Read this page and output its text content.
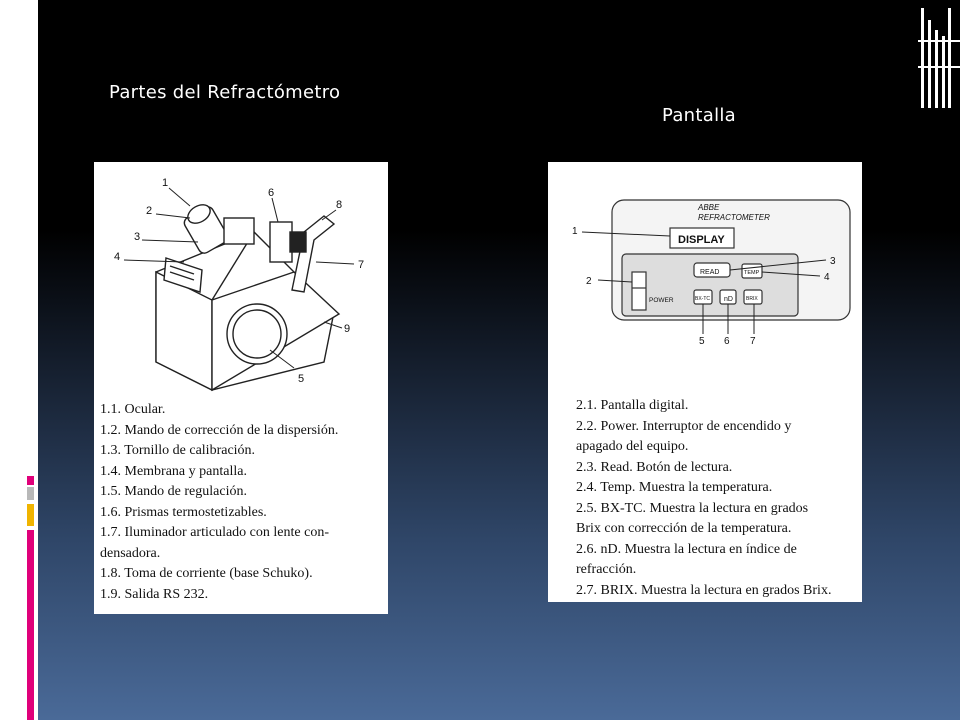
Partes del Refractómetro
Pantalla
1
2
3
4
5
6
7
8
9
1.1. Ocular.
1.2. Mando de corrección de la dispersión.
1.3. Tornillo de calibración.
1.4. Membrana y pantalla.
1.5. Mando de regulación.
1.6. Prismas termostetizables.
1.7. Iluminador articulado con lente con-
densadora.
1.8. Toma de corriente (base Schuko).
1.9. Salida RS 232.
ABBE
REFRACTOMETER
DISPLAY
READ	TEMP
BX-TC nD	BRIX
POWER
1
2
3
4
5 6 7
2.1. Pantalla digital.
2.2. Power. Interruptor de encendido y
apagado del equipo.
2.3. Read. Botón de lectura.
2.4. Temp. Muestra la temperatura.
2.5. BX-TC. Muestra la lectura en grados
Brix con corrección de la temperatura.
2.6. nD. Muestra la lectura en índice de
refracción.
2.7. BRIX. Muestra la lectura en grados Brix.
